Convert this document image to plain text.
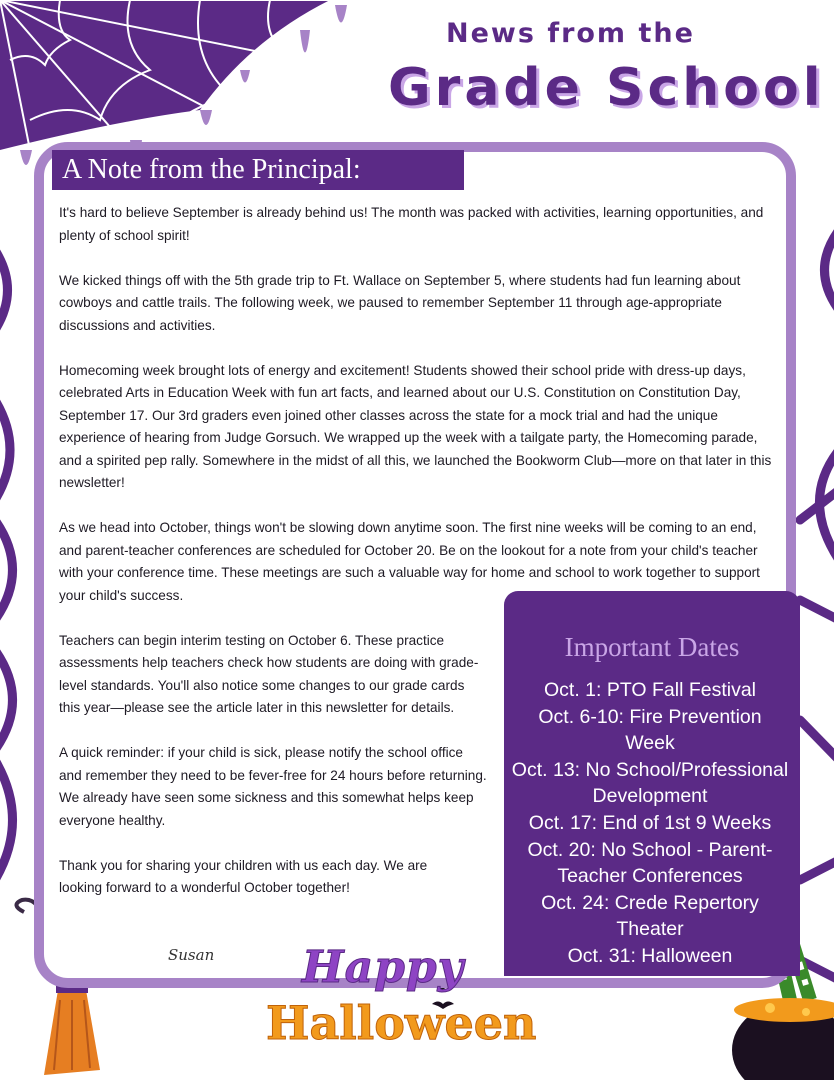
News from the
Grade School
A Note from the Principal:

It's hard to believe September is already behind us! The month was packed with activities, learning opportunities, and plenty of school spirit!

We kicked things off with the 5th grade trip to Ft. Wallace on September 5, where students had fun learning about cowboys and cattle trails. The following week, we paused to remember September 11 through age-appropriate discussions and activities.

Homecoming week brought lots of energy and excitement! Students showed their school pride with dress-up days, celebrated Arts in Education Week with fun art facts, and learned about our U.S. Constitution on Constitution Day, September 17. Our 3rd graders even joined other classes across the state for a mock trial and had the unique experience of hearing from Judge Gorsuch. We wrapped up the week with a tailgate party, the Homecoming parade, and a spirited pep rally. Somewhere in the midst of all this, we launched the Bookworm Club—more on that later in this newsletter!

As we head into October, things won't be slowing down anytime soon. The first nine weeks will be coming to an end, and parent-teacher conferences are scheduled for October 20. Be on the lookout for a note from your child's teacher with your conference time. These meetings are such a valuable way for home and school to work together to support your child's success.

Teachers can begin interim testing on October 6. These practice assessments help teachers check how students are doing with grade-level standards. You'll also notice some changes to our grade cards this year—please see the article later in this newsletter for details.

A quick reminder: if your child is sick, please notify the school office and remember they need to be fever-free for 24 hours before returning. We already have seen some sickness and this somewhat helps keep everyone healthy.

Thank you for sharing your children with us each day. We are looking forward to a wonderful October together!

Susan
Important Dates
Oct. 1: PTO Fall Festival
Oct. 6-10: Fire Prevention Week
Oct. 13: No School/Professional Development
Oct. 17: End of 1st 9 Weeks
Oct. 20: No School - Parent-Teacher Conferences
Oct. 24: Crede Repertory Theater
Oct. 31: Halloween
Happy
Halloween
